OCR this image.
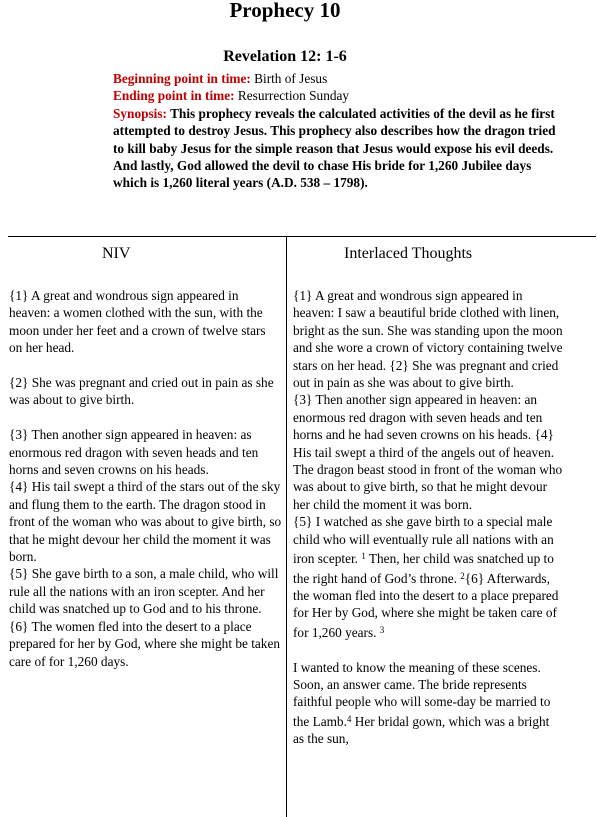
Prophecy 10
Revelation 12: 1-6
Beginning point in time: Birth of Jesus
Ending point in time: Resurrection Sunday
Synopsis: This prophecy reveals the calculated activities of the devil as he first attempted to destroy Jesus. This prophecy also describes how the dragon tried to kill baby Jesus for the simple reason that Jesus would expose his evil deeds. And lastly, God allowed the devil to chase His bride for 1,260 Jubilee days which is 1,260 literal years (A.D. 538 – 1798).
NIV	Interlaced Thoughts

{1} A great and wondrous sign appeared in heaven: a women clothed with the sun, with the moon under her feet and a crown of twelve stars on her head.

{2} She was pregnant and cried out in pain as she was about to give birth.

{3} Then another sign appeared in heaven: as enormous red dragon with seven heads and ten horns and seven crowns on his heads.

{4} His tail swept a third of the stars out of the sky and flung them to the earth. The dragon stood in front of the woman who was about to give birth, so that he might devour her child the moment it was born.

{5} She gave birth to a son, a male child, who will rule all the nations with an iron scepter. And her child was snatched up to God and to his throne.

{6} The women fled into the desert to a place prepared for her by God, where she might be taken care of for 1,260 days.

{1} A great and wondrous sign appeared in heaven: I saw a beautiful bride clothed with linen, bright as the sun. She was standing upon the moon and she wore a crown of victory containing twelve stars on her head. {2} She was pregnant and cried out in pain as she was about to give birth.

{3} Then another sign appeared in heaven: an enormous red dragon with seven heads and ten horns and he had seven crowns on his heads. {4} His tail swept a third of the angels out of heaven. The dragon beast stood in front of the woman who was about to give birth, so that he might devour her child the moment it was born.

{5} I watched as she gave birth to a special male child who will eventually rule all nations with an iron scepter. $^1$ Then, her child was snatched up to the right hand of God’s throne. $^2${6} Afterwards, the woman fled into the desert to a place prepared for Her by God, where she might be taken care of for 1,260 years. $^3$

I wanted to know the meaning of these scenes. Soon, an answer came. The bride represents faithful people who will some-day be married to the Lamb.$^4$ Her bridal gown, which was a bright as the sun,
